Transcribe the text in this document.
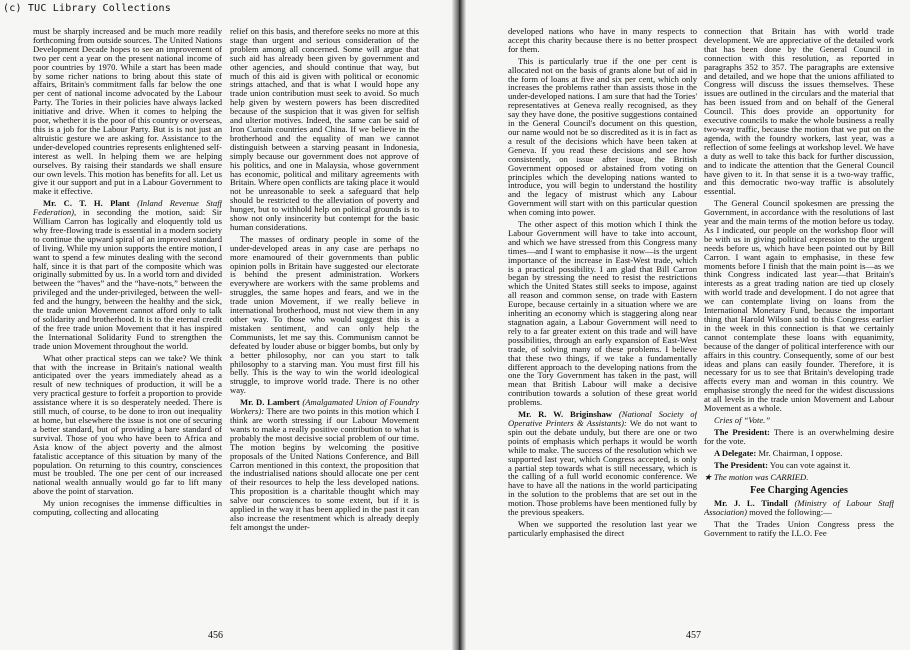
(c) TUC Library Collections

must be sharply increased and be much more readily forthcoming from outside sources. The United Nations Development Decade hopes to see an improvement of two per cent a year on the present national income of poor countries by 1970. While a start has been made by some richer nations to bring about this state of affairs, Britain's commitment falls far below the one per cent of national income advocated by the Labour Party. The Tories in their policies have always lacked initiative and drive. When it comes to helping the poor, whether it is the poor of this country or overseas, this is a job for the Labour Party. But is is not just an altruistic gesture we are asking for. Assistance to the under-developed countries represents enlightened self-interest as well. In helping them we are helping ourselves. By raising their standards we shall ensure our own levels. This motion has benefits for all. Let us give it our support and put in a Labour Government to make it effective.

Mr. C. T. H. Plant (Inland Revenue Staff Federation), in seconding the motion, said: Sir William Carron has logically and eloquently told us why free-flowing trade is essential in a modern society to continue the upward spiral of an improved standard of living. While my union supports the entire motion, I want to spend a few minutes dealing with the second half, since it is that part of the composite which was originally submitted by us. In a world torn and divided between the “haves” and the “have-nots,” between the privileged and the under-privileged, between the well-fed and the hungry, between the healthy and the sick, the trade union Movement cannot afford only to talk of solidarity and brotherhood. It is to the eternal credit of the free trade union Movement that it has inspired the International Solidarity Fund to strengthen the trade union Movement throughout the world.

What other practical steps can we take? We think that with the increase in Britain's national wealth anticipated over the years immediately ahead as a result of new techniques of production, it will be a very practical gesture to forfeit a proportion to provide assistance where it is so desperately needed. There is still much, of course, to be done to iron out inequality at home, but elsewhere the issue is not one of securing a better standard, but of providing a bare standard of survival. Those of you who have been to Africa and Asia know of the abject poverty and the almost fatalistic acceptance of this situation by many of the population. On returning to this country, consciences must be troubled. The one per cent of our increased national wealth annually would go far to lift many above the point of starvation.

My union recognises the immense difficulties in computing, collecting and allocating

relief on this basis, and therefore seeks no more at this stage than urgent and serious consideration of the problem among all concerned. Some will argue that such aid has already been given by government and other agencies, and should continue that way, but much of this aid is given with political or economic strings attached, and that is what I would hope any trade union contribution must seek to avoid. So much help given by western powers has been discredited because of the suspicion that it was given for selfish and ulterior motives. Indeed, the same can be said of Iron Curtain countries and China. If we believe in the brotherhood and the equality of man we cannot distinguish between a starving peasant in Indonesia, simply because our government does not approve of his politics, and one in Malaysia, whose government has economic, political and military agreements with Britain. Where open conflicts are taking place it would not be unreasonable to seek a safeguard that help should be restricted to the alleviation of poverty and hunger, but to withhold help on political grounds is to show not only insincerity but contempt for the basic human considerations.

The masses of ordinary people in some of the under-developed areas in any case are perhaps no more enamoured of their governments than public opinion polls in Britain have suggested our electorate is behind the present administration. Workers everywhere are workers with the same problems and struggles, the same hopes and fears, and we in the trade union Movement, if we really believe in international brotherhood, must not view them in any other way. To those who would suggest this is a mistaken sentiment, and can only help the Communists, let me say this. Communism cannot be defeated by louder abuse or bigger bombs, but only by a better philosophy, nor can you start to talk philosophy to a starving man. You must first fill his belly. This is the way to win the world ideological struggle, to improve world trade. There is no other way.

Mr. D. Lambert (Amalgamated Union of Foundry Workers): There are two points in this motion which I think are worth stressing if our Labour Movement wants to make a really positive contribution to what is probably the most decisive social problem of our time. The motion begins by welcoming the positive proposals of the United Nations Conference, and Bill Carron mentioned in this context, the proposition that the industrialised nations should allocate one per cent of their resources to help the less developed nations. This proposition is a charitable thought which may salve our consciences to some extent, but if it is applied in the way it has been applied in the past it can also increase the resentment which is already deeply felt amongst the under-

456

developed nations who have in many respects to accept this charity because there is no better prospect for them.

This is particularly true if the one per cent is allocated not on the basis of grants alone but of aid in the form of loans at five and six per cent, which only increases the problems rather than assists those in the under-developed nations. I am sure that had the Tories' representatives at Geneva really recognised, as they say they have done, the positive suggestions contained in the General Council's document on this question, our name would not be so discredited as it is in fact as a result of the decisions which have been taken at Geneva. If you read these decisions and see how consistently, on issue after issue, the British Government opposed or abstained from voting on principles which the developing nations wanted to introduce, you will begin to understand the hostility and the legacy of mistrust which any Labour Government will start with on this particular question when coming into power.

The other aspect of this motion which I think the Labour Government will have to take into account, and which we have stressed from this Congress many times—and I want to emphasise it now—is the urgent importance of the increase in East-West trade, which is a practical possibility. I am glad that Bill Carron began by stressing the need to resist the restrictions which the United States still seeks to impose, against all reason and common sense, on trade with Eastern Europe, because certainly in a situation where we are inheriting an economy which is staggering along near stagnation again, a Labour Government will need to rely to a far greater extent on this trade and will have possibilities, through an early expansion of East-West trade, of solving many of these problems. I believe that these two things, if we take a fundamentally different approach to the developing nations from the one the Tory Government has taken in the past, will mean that British Labour will make a decisive contribution towards a solution of these great world problems.

Mr. R. W. Briginshaw (National Society of Operative Printers & Assistants): We do not want to spin out the debate unduly, but there are one or two points of emphasis which perhaps it would be worth while to make. The success of the resolution which we supported last year, which Congress accepted, is only a partial step towards what is still necessary, which is the calling of a full world economic conference. We have to have all the nations in the world participating in the solution to the problems that are set out in the motion. Those problems have been mentioned fully by the previous speakers.

When we supported the resolution last year we particularly emphasised the direct

connection that Britain has with world trade development. We are appreciative of the detailed work that has been done by the General Council in connection with this resolution, as reported in paragraphs 352 to 357. The paragraphs are extensive and detailed, and we hope that the unions affiliated to Congress will discuss the issues themselves. These issues are outlined in the circulars and the material that has been issued from and on behalf of the General Council. This does provide an opportunity for executive councils to make the whole business a really two-way traffic, because the motion that we put on the agenda, with the foundry workers, last year, was a reflection of some feelings at workshop level. We have a duty as well to take this back for further discussion, and to indicate the attention that the General Council have given to it. In that sense it is a two-way traffic, and this democratic two-way traffic is absolutely essential.

The General Council spokesmen are pressing the Government, in accordance with the resolutions of last year and the main terms of the motion before us today. As I indicated, our people on the workshop floor will be with us in giving political expression to the urgent needs before us, which have been pointed out by Bill Carron. I want again to emphasise, in these few moments before I finish that the main point is—as we think Congress indicated last year—that Britain's interests as a great trading nation are tied up closely with world trade and development. I do not agree that we can contemplate living on loans from the International Monetary Fund, because the important thing that Harold Wilson said to this Congress earlier in the week in this connection is that we certainly cannot contemplate these loans with equanimity, because of the danger of political interference with our affairs in this country. Consequently, some of our best ideas and plans can easily founder. Therefore, it is necessary for us to see that Britain's developing trade affects every man and woman in this country. We emphasise strongly the need for the widest discussions at all levels in the trade union Movement and Labour Movement as a whole.

Cries of “Vote.”

The President: There is an overwhelming desire for the vote.

A Delegate: Mr. Chairman, I oppose.

The President: You can vote against it.

★ The motion was CARRIED.

Fee Charging Agencies

Mr. J. L. Tindall (Ministry of Labour Staff Association) moved the following:—

That the Trades Union Congress press the Government to ratify the I.L.O. Fee

457
